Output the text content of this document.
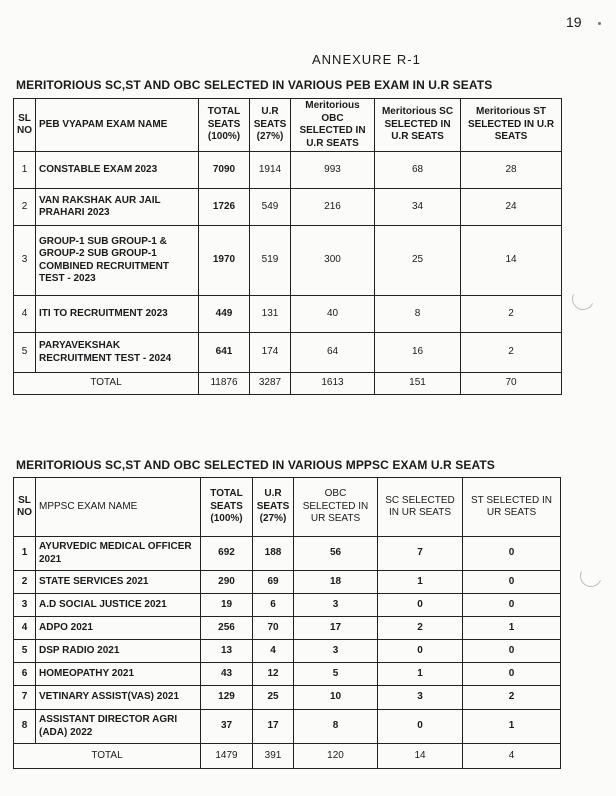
19
ANNEXURE R-1
MERITORIOUS SC,ST AND OBC SELECTED IN VARIOUS PEB EXAM IN U.R SEATS
SL NO	PEB VYAPAM EXAM NAME	TOTAL SEATS (100%)	U.R SEATS (27%)	Meritorious OBC SELECTED IN U.R SEATS	Meritorious SC SELECTED IN U.R SEATS	Meritorious ST SELECTED IN U.R SEATS
1	CONSTABLE EXAM 2023	7090	1914	993	68	28
2	VAN RAKSHAK AUR JAIL PRAHARI 2023	1726	549	216	34	24
3	GROUP-1 SUB GROUP-1 & GROUP-2 SUB GROUP-1 COMBINED RECRUITMENT TEST - 2023	1970	519	300	25	14
4	ITI TO RECRUITMENT 2023	449	131	40	8	2
5	PARYAVEKSHAK RECRUITMENT TEST - 2024	641	174	64	16	2
TOTAL		11876	3287	1613	151	70
MERITORIOUS SC,ST AND OBC SELECTED IN VARIOUS MPPSC EXAM U.R SEATS
SL NO	MPPSC EXAM NAME	TOTAL SEATS (100%)	U.R SEATS (27%)	OBC SELECTED IN UR SEATS	SC SELECTED IN UR SEATS	ST SELECTED IN UR SEATS
1	AYURVEDIC MEDICAL OFFICER 2021	692	188	56	7	0
2	STATE SERVICES 2021	290	69	18	1	0
3	A.D SOCIAL JUSTICE 2021	19	6	3	0	0
4	ADPO 2021	256	70	17	2	1
5	DSP RADIO 2021	13	4	3	0	0
6	HOMEOPATHY 2021	43	12	5	1	0
7	VETINARY ASSIST(VAS) 2021	129	25	10	3	2
8	ASSISTANT DIRECTOR AGRI (ADA) 2022	37	17	8	0	1
TOTAL		1479	391	120	14	4
